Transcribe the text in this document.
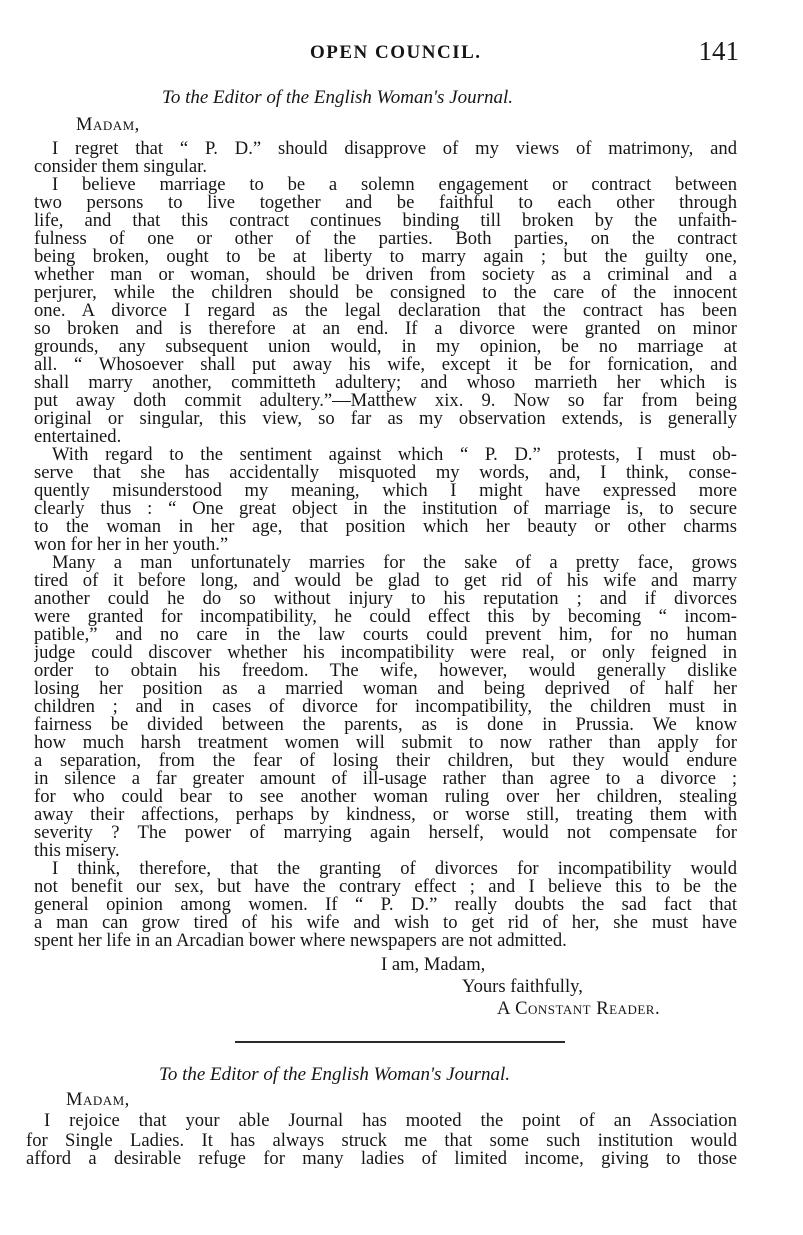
OPEN COUNCIL.	141
To the Editor of the English Woman's Journal.
Madam,
I regret that “ P. D.” should disapprove of my views of matrimony, and
consider them singular.
I believe marriage to be a solemn engagement or contract between
two persons to live together and be faithful to each other through
life, and that this contract continues binding till broken by the unfaith-
fulness of one or other of the parties. Both parties, on the contract
being broken, ought to be at liberty to marry again ; but the guilty one,
whether man or woman, should be driven from society as a criminal and a
perjurer, while the children should be consigned to the care of the innocent
one. A divorce I regard as the legal declaration that the contract has been
so broken and is therefore at an end. If a divorce were granted on minor
grounds, any subsequent union would, in my opinion, be no marriage at
all. “ Whosoever shall put away his wife, except it be for fornication, and
shall marry another, committeth adultery; and whoso marrieth her which is
put away doth commit adultery.”—Matthew xix. 9. Now so far from being
original or singular, this view, so far as my observation extends, is generally
entertained.
With regard to the sentiment against which “ P. D.” protests, I must ob-
serve that she has accidentally misquoted my words, and, I think, conse-
quently misunderstood my meaning, which I might have expressed more
clearly thus : “ One great object in the institution of marriage is, to secure
to the woman in her age, that position which her beauty or other charms
won for her in her youth.”
Many a man unfortunately marries for the sake of a pretty face, grows
tired of it before long, and would be glad to get rid of his wife and marry
another could he do so without injury to his reputation ; and if divorces
were granted for incompatibility, he could effect this by becoming “ incom-
patible,” and no care in the law courts could prevent him, for no human
judge could discover whether his incompatibility were real, or only feigned in
order to obtain his freedom. The wife, however, would generally dislike
losing her position as a married woman and being deprived of half her
children ; and in cases of divorce for incompatibility, the children must in
fairness be divided between the parents, as is done in Prussia. We know
how much harsh treatment women will submit to now rather than apply for
a separation, from the fear of losing their children, but they would endure
in silence a far greater amount of ill-usage rather than agree to a divorce ;
for who could bear to see another woman ruling over her children, stealing
away their affections, perhaps by kindness, or worse still, treating them with
severity ? The power of marrying again herself, would not compensate for
this misery.
I think, therefore, that the granting of divorces for incompatibility would
not benefit our sex, but have the contrary effect ; and I believe this to be the
general opinion among women. If “ P. D.” really doubts the sad fact that
a man can grow tired of his wife and wish to get rid of her, she must have
spent her life in an Arcadian bower where newspapers are not admitted.
I am, Madam,
Yours faithfully,
A Constant Reader.
To the Editor of the English Woman's Journal.
Madam,
I rejoice that your able Journal has mooted the point of an Association
for Single Ladies. It has always struck me that some such institution would
afford a desirable refuge for many ladies of limited income, giving to those
